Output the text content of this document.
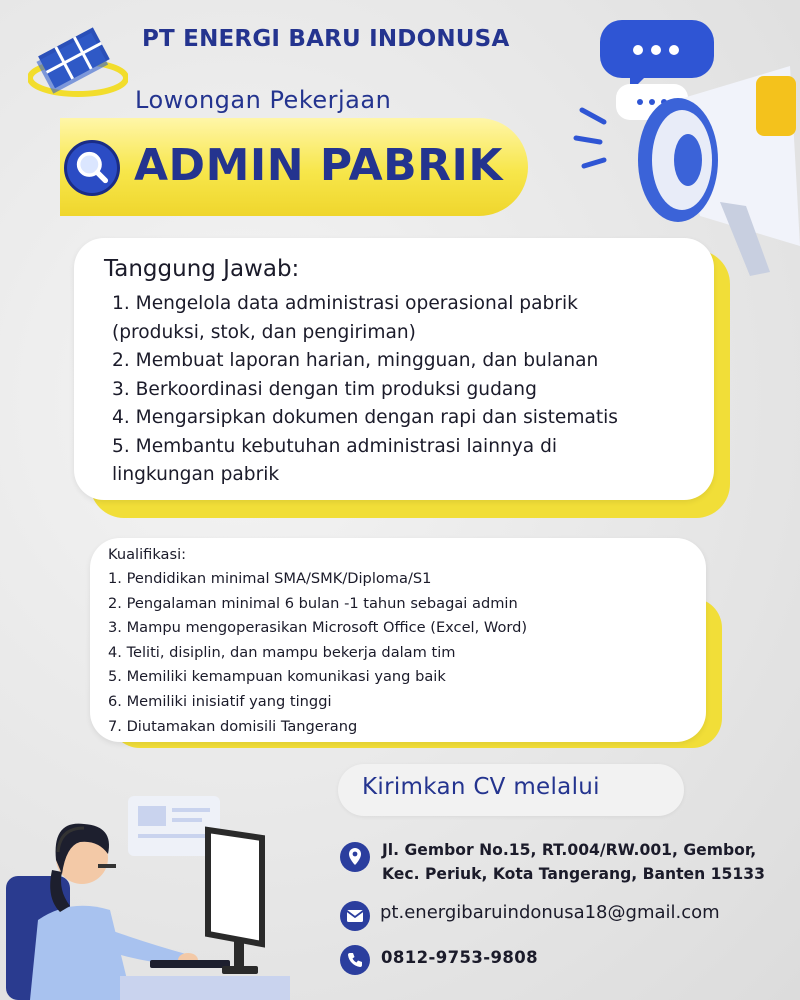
PT ENERGI BARU INDONUSA
Lowongan Pekerjaan
ADMIN PABRIK
Tanggung Jawab:
1. Mengelola data administrasi operasional pabrik
(produksi, stok, dan pengiriman)
2. Membuat laporan harian, mingguan, dan bulanan
3. Berkoordinasi dengan tim produksi gudang
4. Mengarsipkan dokumen dengan rapi dan sistematis
5. Membantu kebutuhan administrasi lainnya di
lingkungan pabrik
Kualifikasi:
1. Pendidikan minimal SMA/SMK/Diploma/S1
2. Pengalaman minimal 6 bulan -1 tahun sebagai admin
3. Mampu mengoperasikan Microsoft Office (Excel, Word)
4. Teliti, disiplin, dan mampu bekerja dalam tim
5. Memiliki kemampuan komunikasi yang baik
6. Memiliki inisiatif yang tinggi
7. Diutamakan domisili Tangerang
Kirimkan CV melalui
Jl. Gembor No.15, RT.004/RW.001, Gembor,
Kec. Periuk, Kota Tangerang, Banten 15133
pt.energibaruindonusa18@gmail.com
0812-9753-9808
